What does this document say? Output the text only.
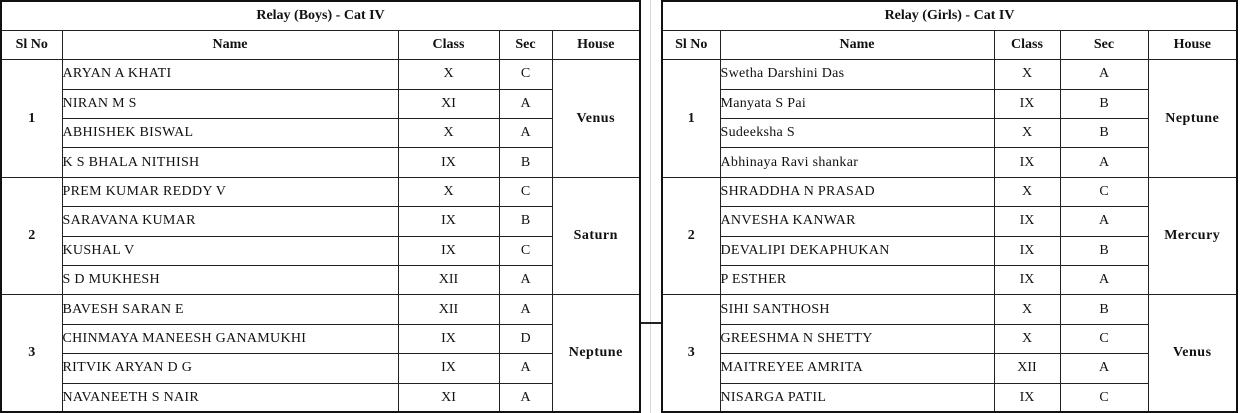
Relay (Boys) - Cat IV				
Sl No	Name	Class	Sec	House
1	ARYAN A KHATI	X	C	Venus
	NIRAN M S	XI	A	
	ABHISHEK BISWAL	X	A	
	K S BHALA NITHISH	IX	B	
2	PREM KUMAR REDDY V	X	C	Saturn
	SARAVANA KUMAR	IX	B	
	KUSHAL V	IX	C	
	S D MUKHESH	XII	A	
3	BAVESH SARAN E	XII	A	Neptune
	CHINMAYA MANEESH GANAMUKHI	IX	D	
	RITVIK ARYAN D G	IX	A	
	NAVANEETH S NAIR	XI	A	
Relay (Girls) - Cat IV				
Sl No	Name	Class	Sec	House
1	Swetha Darshini Das	X	A	Neptune
	Manyata S Pai	IX	B	
	Sudeeksha S	X	B	
	Abhinaya Ravi shankar	IX	A	
2	SHRADDHA N PRASAD	X	C	Mercury
	ANVESHA KANWAR	IX	A	
	DEVALIPI DEKAPHUKAN	IX	B	
	P ESTHER	IX	A	
3	SIHI SANTHOSH	X	B	Venus
	GREESHMA N SHETTY	X	C	
	MAITREYEE AMRITA	XII	A	
	NISARGA PATIL	IX	C	
